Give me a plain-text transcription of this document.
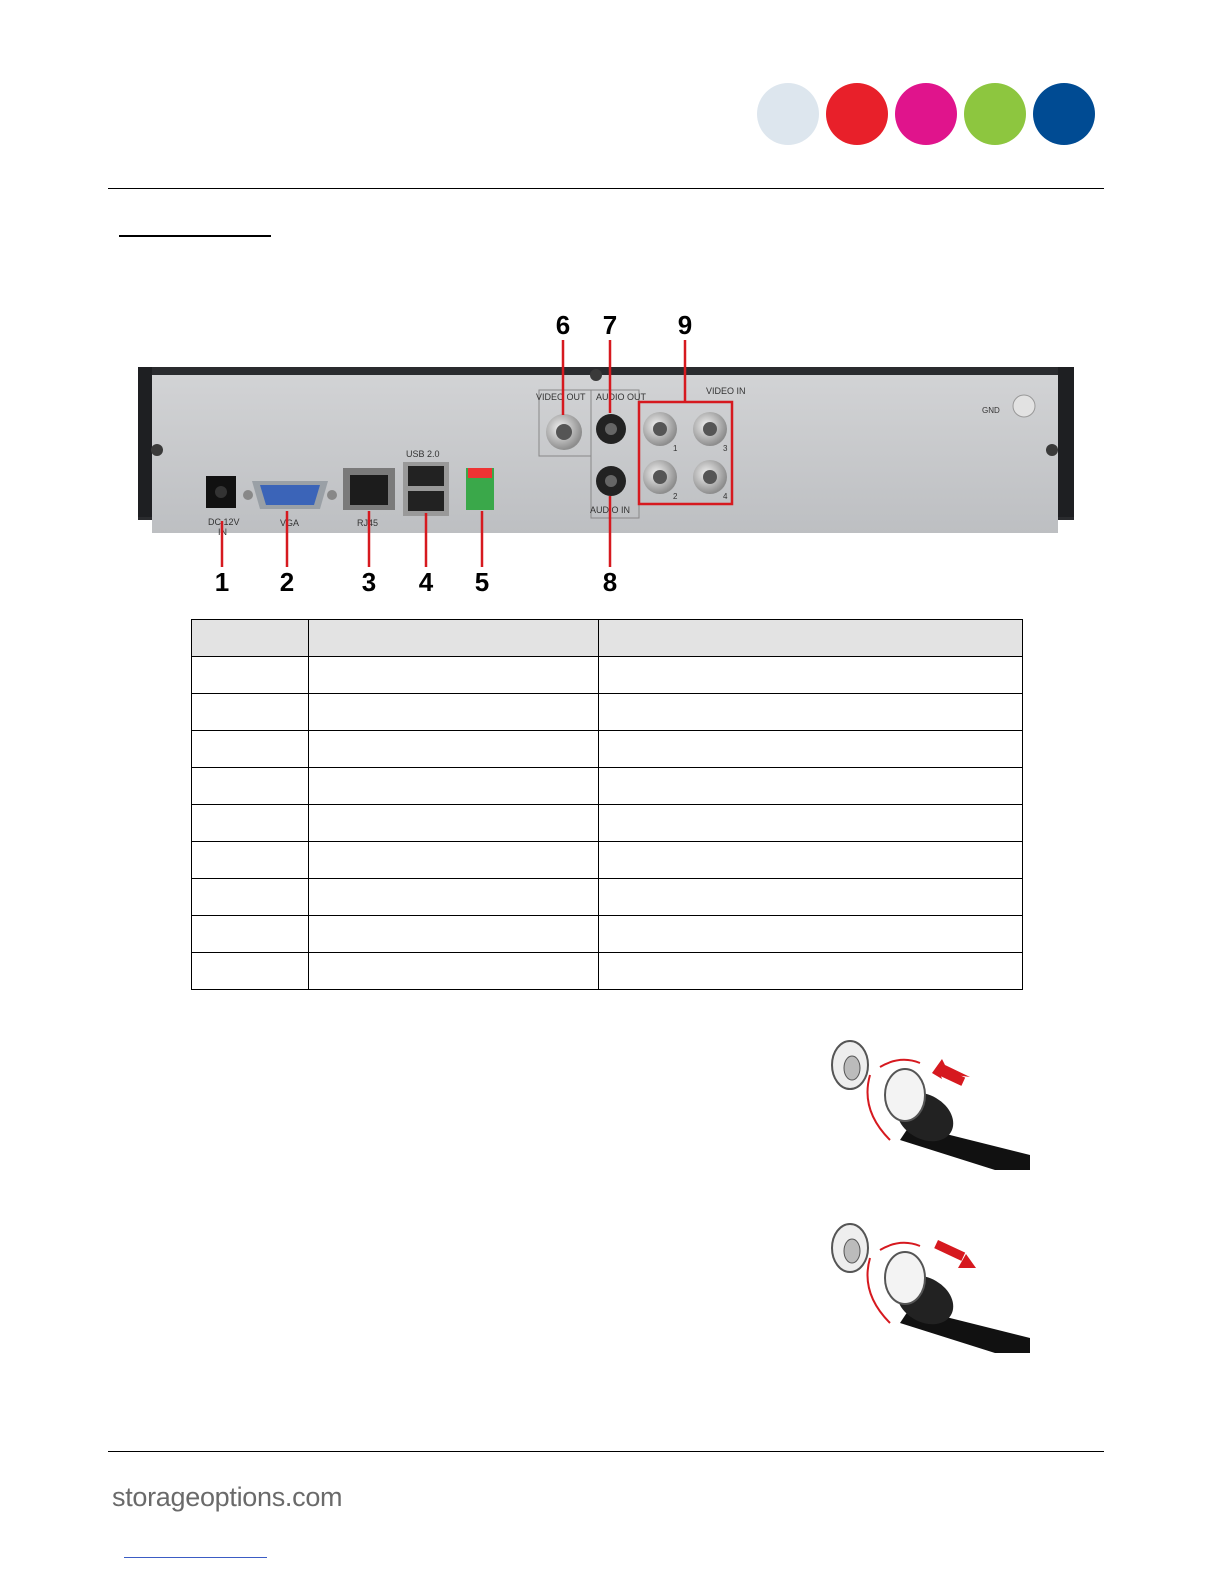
DC 12V
IN
VGA	RJ45
USB 2.0
VIDEO OUT AUDIO OUT
AUDIO IN
VIDEO IN
1	3
2	4
GND
1 2	3 4 5
6 7
8
9

storageoptions.com
